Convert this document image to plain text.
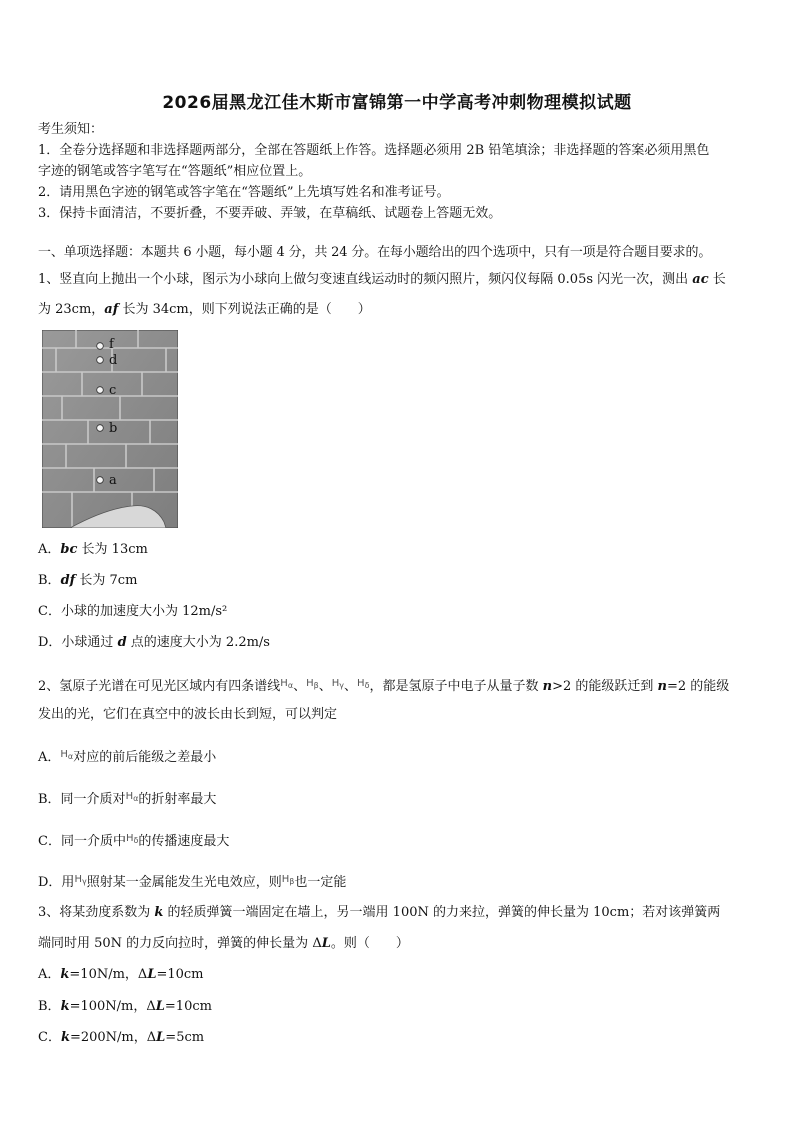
2026届黑龙江佳木斯市富锦第一中学高考冲刺物理模拟试题
考生须知：
1．全卷分选择题和非选择题两部分，全部在答题纸上作答。选择题必须用 2B 铅笔填涂；非选择题的答案必须用黑色
字迹的钢笔或答字笔写在“答题纸”相应位置上。
2．请用黑色字迹的钢笔或答字笔在“答题纸”上先填写姓名和准考证号。
3．保持卡面清洁，不要折叠，不要弄破、弄皱，在草稿纸、试题卷上答题无效。
一、单项选择题：本题共 6 小题，每小题 4 分，共 24 分。在每小题给出的四个选项中，只有一项是符合题目要求的。
1、竖直向上抛出一个小球，图示为小球向上做匀变速直线运动时的频闪照片，频闪仪每隔 0.05s 闪光一次，测出 ac 长
为 23cm，af 长为 34cm，则下列说法正确的是（　　）
f
d
c
b
a
A．bc 长为 13cm
B．df 长为 7cm
C．小球的加速度大小为 12m/s²
D．小球通过 d 点的速度大小为 2.2m/s
2、氢原子光谱在可见光区域内有四条谱线$^{H_\alpha}$、$^{H_\beta}$、$^{H_\gamma}$、$^{H_\delta}$，都是氢原子中电子从量子数 n>2 的能级跃迁到 n=2 的能级
发出的光，它们在真空中的波长由长到短，可以判定
A．$^{H_\alpha}$对应的前后能级之差最小
B．同一介质对$^{H_\alpha}$的折射率最大
C．同一介质中$^{H_\delta}$的传播速度最大
D．用$^{H_\gamma}$照射某一金属能发生光电效应，则$^{H_\beta}$也一定能
3、将某劲度系数为 k 的轻质弹簧一端固定在墙上，另一端用 100N 的力来拉，弹簧的伸长量为 10cm；若对该弹簧两
端同时用 50N 的力反向拉时，弹簧的伸长量为 ΔL。则（　　）
A．k=10N/m，ΔL=10cm
B．k=100N/m，ΔL=10cm
C．k=200N/m，ΔL=5cm
